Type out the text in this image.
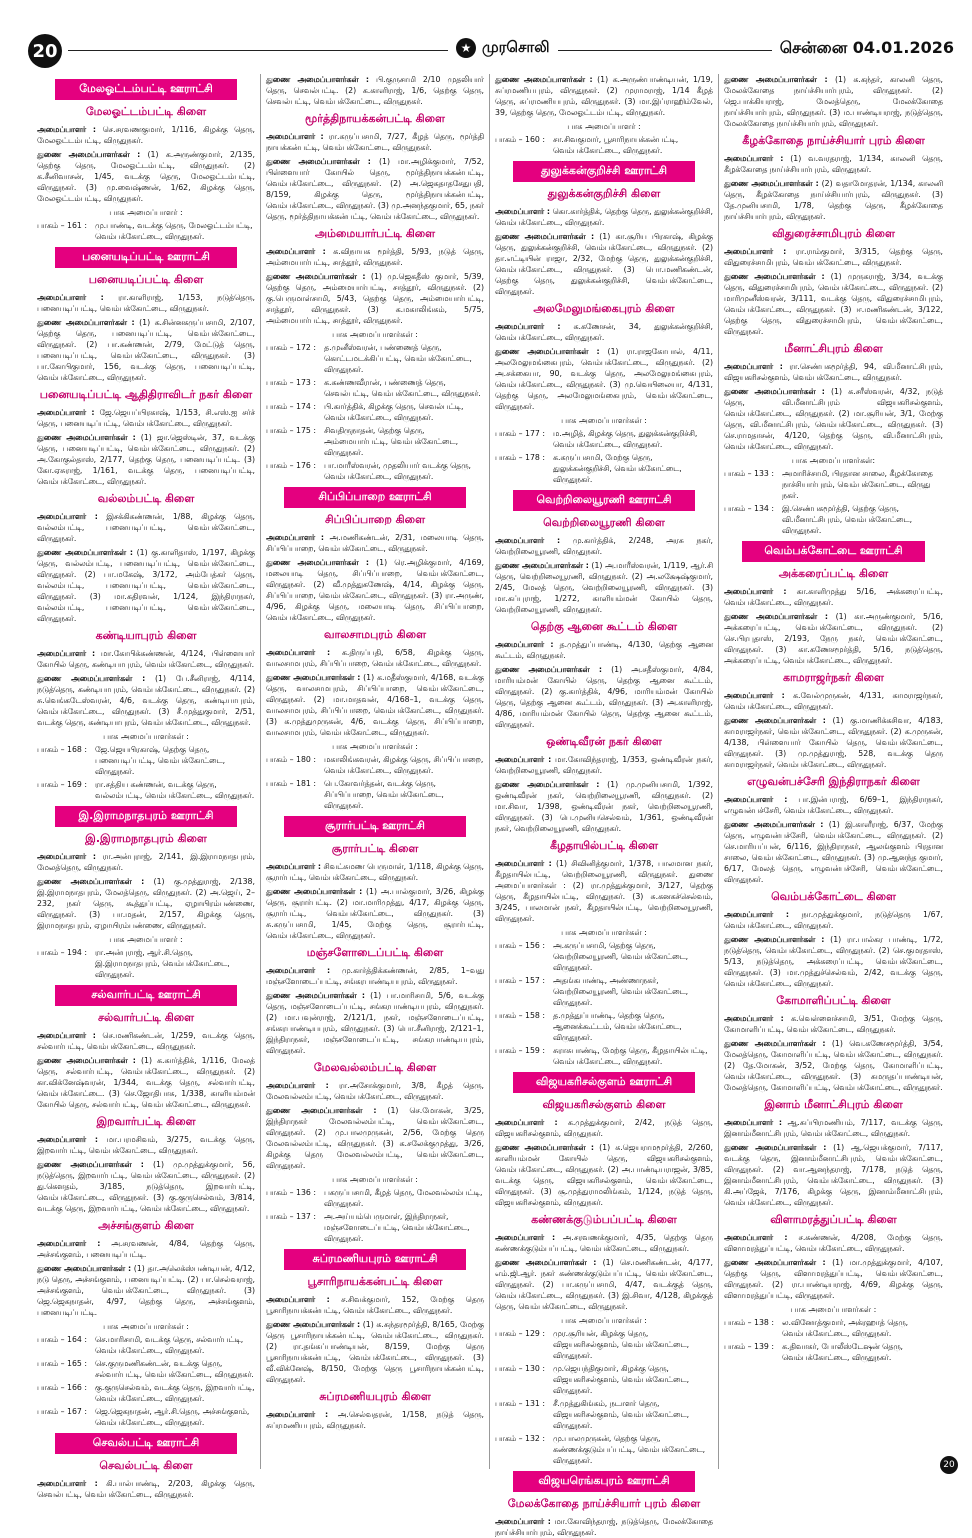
20	★ முரசொலி	சென்னை 04.01.2026
மேலஓட்டம்பட்டி ஊராட்சி
மேலஓட்டம்பட்டி கிளை

அமைப்பாளர் : செ.சரவணகுமார், 1/116, கிழக்கு தெரு, மேலஓட்டம்பட்டி, விருதுநகர்.

துணை அமைப்பாளர்கள் : (1) க.அருண்குமார், 2/135, தெற்கு தெரு, மேலஓட்டம்பட்டி, விருதுநகர். (2) க.சீனிவாசன், 1/45, வடக்கு தெரு, மேலஓட்டம்பட்டி, விருதுநகர். (3) மு.வைஷ்ணன், 1/62, கிழக்கு தெரு, மேலஓட்டம்பட்டி, விருதுநகர்.

பாக அமைப்பாளர் :
பாகம் – 161 :	மு.பாண்டி, வடக்கு தெரு, மேலஓட்டம்பட்டி, வெம்பக்கோட்டை, விருதுநகர்.
பனையடிப்பட்டி ஊராட்சி
பனையடிப்பட்டி கிளை

அமைப்பாளர் : ரா.காளிராஜ், 1/153, நடுத்தெரு, பனையடிப்பட்டி, வெம்பக்கோட்டை, விருதுநகர்.

துணை அமைப்பாளர்கள் : (1) க.சின்னகருப்பசாமி, 2/107, தெற்கு தெரு, பனையடிப்பட்டி, வெம்பக்கோட்டை, விருதுநகர். (2) பா.கண்ணன், 2/79, மேட்டுத் தெரு, பனையடிப்பட்டி, வெம்பக்கோட்டை, விருதுநகர். (3) பா.கோபிகுமார், 156, வடக்கு தெரு, பனையடிப்பட்டி, வெம்பக்கோட்டை, விருதுநகர்.

பனையடிப்பட்டி ஆதிதிராவிடர் நகர் கிளை

அமைப்பாளர் : ஜே.ஜெயப்பிரகாஷ், 1/153, சி.எஸ்.ஐ சர்ச் தெரு, பனையடிப்பட்டி, வெம்பக்கோட்டை, விருதுநகர்.

துணை அமைப்பாளர்கள் : (1) ஜா.ஜெஸ்டின், 37, வடக்கு தெரு, பனையடிப்பட்டி, வெம்பக்கோட்டை, விருதுநகர். (2) அ.கோகுல்தாஸ், 2/177, தெற்கு தெரு, பனையடிப்பட்டி. (3) கோ.ஏசுராஜ், 1/161, வடக்கு தெரு, பனையடிப்பட்டி, வெம்பக்கோட்டை, விருதுநகர்.

வல்லம்பட்டி கிளை

அமைப்பாளர் : இசக்கிகண்ணன், 1/88, கிழக்கு தெரு, வல்லம்பட்டி, பனையடிப்பட்டி, வெம்பக்கோட்டை, விருதுநகர்.

துணை அமைப்பாளர்கள் : (1) கு.காளிதாஸ், 1/197, கிழக்கு தெரு, வல்லம்பட்டி, பனையடிப்பட்டி, வெம்பக்கோட்டை, விருதுநகர். (2) பா.மகேஷ், 3/172, அம்பேத்கர் தெரு, வல்லம்பட்டி, பனையடிப்பட்டி, வெம்பக்கோட்டை, விருதுநகர். (3) மா.கதிரவன், 1/124, இந்திராநகர், வல்லம்பட்டி, பனையடிப்பட்டி, வெம்பக்கோட்டை, விருதுநகர்.

கண்டியாபுரம் கிளை

அமைப்பாளர் : மா.கோபிக்கண்ணன், 4/124, பிள்ளையார் கோயில் தெரு, கண்டியாபுரம், வெம்பக்கோட்டை, விருதுநகர்.

துணை அமைப்பாளர்கள் : (1) பே.சீனிராஜ், 4/114, நடுத்தெரு, கண்டியாபுரம், வெம்பக்கோட்டை, விருதுநகர். (2) சு.வெங்கடேஸ்வரன், 4/6, வடக்கு தெரு, கண்டியாபுரம், வெம்பக்கோட்டை, விருதுநகர். (3) சீ.முத்துகுமார், 2/51, வடக்கு தெரு, கண்டியாபுரம், வெம்பக்கோட்டை, விருதுநகர்.

பாக அமைப்பாளர்கள் :
பாகம் – 168 :	ஜே.ஜெயபிரகாஷ், தெற்கு தெரு, பனையடிப்பட்டி, வெம்பக்கோட்டை, விருதுநகர்.
பாகம் – 169 :	ரா.சத்திய கண்ணன், வடக்கு தெரு, வல்லம்பட்டி, வெம்பக்கோட்டை, விருதுநகர்.
இ.இராமநாதபுரம் ஊராட்சி
இ.இராமநாதபுரம் கிளை

அமைப்பாளர் : ரா.அன்புராஜ், 2/141, இ.இராமநாதபுரம், மேலத்தெரு, விருதுநகர்.

துணை அமைப்பாளர்கள் : (1) கு.முத்துராஜ், 2/138, இ.இராமநாதபுரம், மேலத்தெரு, விருதுநகர். (2) அ.ஜெய், 2–232, நகர் தெரு, கூத்துப்பட்டி, ஏழாயிரம்பண்ணை, விருதுநகர். (3) பா.மதன், 2/157, கிழக்கு தெரு, இராமநாதபுரம், ஏழாயிரம்பண்ணை, விருதுநகர்.

பாக அமைப்பாளர் :
பாகம் – 194 :	ரா.அன்புராஜ், ஆர்.சி.தெரு, இ.இராமநாதபுரம், வெம்பக்கோட்டை, விருதுநகர்.
சல்வார்பட்டி ஊராட்சி
சல்வார்பட்டி கிளை

அமைப்பாளர் : செ.மணிகண்டன், 1/259, வடக்கு தெரு, சல்வார்பட்டி, வெம்பக்கோட்டை, விருதுநகர்.

துணை அமைப்பாளர்கள் : (1) க.கார்த்திக், 1/116, மேலத் தெரு, சல்வார்பட்டி, வெம்பக்கோட்டை, விருதுநகர். (2) கா.விக்னேஷ்வரன், 1/344, வடக்கு தெரு, சல்வார்பட்டி, வெம்பக்கோட்டை. (3) செ.ஜோதிபாசு, 1/338, காளியம்மன் கோயில் தெரு, சல்வார்பட்டி, வெம்பக்கோட்டை, விருதுநகர்.

இறவார்பட்டி கிளை

அமைப்பாளர் : மா.பரமசிவம், 3/275, வடக்கு தெரு, இறவார்பட்டி, வெம்பக்கோட்டை, விருதுநகர்.

துணை அமைப்பாளர்கள் : (1) மு.முத்துக்குமார், 56, நடுத்தெரு, இறவார்பட்டி, வெம்பக்கோட்டை, விருதுநகர். (2) து.கௌதம், 3/185, நடுத்தெரு, இறவார்பட்டி, வெம்பக்கோட்டை, விருதுநகர். (3) கு.குருசெல்வம், 3/814, வடக்கு தெரு, இறவார்பட்டி, வெம்பக்கோட்டை, விருதுநகர்.

அச்சங்குளம் கிளை

அமைப்பாளர் : அ.சரவணன், 4/84, தெற்கு தெரு, அச்சங்குளம், பனையடிப்பட்டி.

துணை அமைப்பாளர்கள் : (1) தா.அலெக்ஸ்பண்டியன், 4/12, நடு தெரு, அச்சங்குளம், பனையடிப்பட்டி. (2) பா.செல்வராஜ், அச்சங்குளம், வெம்பக்கோட்டை, விருதுநகர். (3) ஜெ.ஜெகநாதன், 4/97, தெற்கு தெரு, அச்சங்குளம், பனையடிப்பட்டி.

பாக அமைப்பாளர்கள் :
பாகம் – 164 :	செ.மாரிசாமி, வடக்கு தெரு, சல்வார்பட்டி, வெம்பக்கோட்டை, விருதுநகர்.
பாகம் – 165 :	செ.குருமணிகண்டன், வடக்கு தெரு, சல்வார்பட்டி, வெம்பக்கோட்டை, விருதுநகர்.
பாகம் – 166 :	கு.குருசெல்வம், வடக்கு தெரு, இறவார்பட்டி, வெம்பக்கோட்டை, விருதுநகர்.
பாகம் – 167 :	ஜெ.ஜெகநாதன், ஆர்.சி.தெரு, அச்சங்குளம், வெம்பக்கோட்டை, விருதுநகர்.
செவல்பட்டி ஊராட்சி
செவல்பட்டி கிளை

அமைப்பாளர் : கி.பால்பாண்டி, 2/203, கிழக்கு தெரு, செவல்பட்டி, வெம்பக்கோட்டை, விருதுநகர்.

துணை அமைப்பாளர்கள் : பி.குருசாமி 2/10 முதலியார் தெரு, செவல்பட்டி. (2) க.காளிராஜ், 1/6, தெற்கு தெரு, செவல்பட்டி, வெம்பக்கோட்டை, விருதுநகர்.

மூர்த்திநாயக்கன்பட்டி கிளை

அமைப்பாளர் : ரா.கருப்பசாமி, 7/27, கீழத் தெரு, மூர்த்தி நாயக்கன்பட்டி, வெம்பக்கோட்டை, விருதுநகர்.

துணை அமைப்பாளர்கள் : (1) மா.அழிக்குமார், 7/52, பிள்ளையார் கோயில் தெரு, மூர்த்திநாயக்கன்பட்டி, வெம்பக்கோட்டை, விருதுநகர். (2) அ.ஜெகதாதசேதுபதி, 8/159, கிழக்கு தெரு, மூர்த்திநாயக்கன்பட்டி, வெம்பக்கோட்டை, விருதுநகர். (3) மு.அனந்தகுமார், 65, நகர் தெரு, மூர்த்திநாயக்கன்பட்டி, வெம்பக்கோட்டை, விருதுநகர்.

அம்மையார்பட்டி கிளை

அமைப்பாளர் : க.விநாயக மூர்த்தி, 5/93, நடுத் தெரு, அம்மையார்பட்டி, சாத்தூர், விருதுநகர்.

துணை அமைப்பாளர்கள் : (1) மு.ஜெகதீஸ் குமார், 5/39, தெற்கு தெரு, அம்மையார்பட்டி, சாத்தூர், விருதுநகர். (2) கு.பெருமாள்சாமி, 5/43, தெற்கு தெரு, அம்மையார்பட்டி, சாத்தூர், விருதுநகர். (3) க.மகாலிங்கம், 5/75, அம்மையார்பட்டி, சாத்தூர், விருதுநகர்.

பாக அமைப்பாளர்கள் :
பாகம் – 172 :	த.முனீஸ்வரன், பண்ணைத் தெரு, கொட்டமடக்கிப்பட்டி, வெம்பக்கோட்டை, விருதுநகர்.
பாகம் – 173 :	க.கண்ணவீரான், பண்ணைத் தெரு, செவல்பட்டி, வெம்பக்கோட்டை, விருதுநகர்.
பாகம் – 174 :	பி.கார்த்திக், கிழக்கு தெரு, செவல்பட்டி, வெம்பக்கோட்டை, விருதுநகர்.
பாகம் – 175 :	சிவதிருநாதன், தெற்கு தெரு, அம்மையார்பட்டி, வெம்பக்கோட்டை, விருதுநகர்.
பாகம் – 176 :	பா.மாரீஸ்வரன், முதலியார் வடக்கு தெரு, வெம்பக்கோட்டை, விருதுநகர்.
சிப்பிப்பாறை ஊராட்சி
சிப்பிப்பாறை கிளை

அமைப்பாளர் : அ.மணிகண்டன், 2/31, மலையாடி தெரு, சிப்பிப்பாறை, வெம்பக்கோட்டை, விருதுநகர்.

துணை அமைப்பாளர்கள் : (1) ரெ.அழிக்குமார், 4/169, மலையாடி தெரு, சிப்பிப்பாறை, வெம்பக்கோட்டை, விருதுநகர். (2) வீ.முத்துகணேஷ், 4/14, கிழக்கு தெரு, சிப்பிப்பாறை, வெம்பக்கோட்டை, விருதுநகர். (3) ரா.அருண், 4/96, கிழக்கு தெரு, மலையாடி தெரு, சிப்பிப்பாறை, வெம்பக்கோட்டை, விருதுநகர்.

வாலசாமபுரம் கிளை

அமைப்பாளர் : க.திருப்பதி, 6/58, கிழக்கு தெரு, வாலசாமபுரம், சிப்பிப்பாறை, வெம்பக்கோட்டை, விருதுநகர்.

துணை அமைப்பாளர்கள் : (1) க.மதீஸ்குமார், 4/168, வடக்கு தெரு, வாலசாமபுரம், சிப்பிப்பாறை, வெம்பக்கோட்டை, விருதுநகர். (2) மா.மாதவன், 4/168–1, வடக்கு தெரு, வாலசாமபுரம், சிப்பிப்பாறை, வெம்பக்கோட்டை, விருதுநகர். (3) க.முத்துமுருகன், 4/6, வடக்கு தெரு, சிப்பிப்பாறை, வாலசாமபுரம், வெம்பக்கோட்டை, விருதுநகர்.

பாக அமைப்பாளர்கள் :
பாகம் – 180 :	மகாலிங்கவரன், கிழக்கு தெரு, சிப்பிப்பாறை, வெம்பக்கோட்டை, விருதுநகர்.
பாகம் – 181 :	பெ.கோவர்த்தன், வடக்கு தெரு, சிப்பிப்பாறை, வெம்பக்கோட்டை, விருதுநகர்.
சூரார்பட்டி ஊராட்சி
சூரார்பட்டி கிளை

அமைப்பாளர் : சிவட்சுமண பெருமாள், 1/118, கிழக்கு தெரு, சூரார்பட்டி, வெம்பக்கோட்டை, விருதுநகர்.

துணை அமைப்பாளர்கள் : (1) அ.பால்குமார், 3/26, கிழக்கு தெரு, சூரார்பட்டி. (2) மா.மாரிமுத்து, 4/17, கிழக்கு தெரு, சூரார்பட்டி, வெம்பக்கோட்டை, விருதுநகர். (3) சு.கருப்பசாமி, 1/45, மேற்கு தெரு, சூரார்பட்டி, வெம்பக்கோட்டை, விருதுநகர்.

மஞ்சளோடைப்பட்டி கிளை

அமைப்பாளர் : மு.கார்த்திக்கண்ணன், 2/85, 1–வது மஞ்சளோடைப்பட்டி, சங்கரபாண்டியபுரம், விருதுநகர்.

துணை அமைப்பாளர்கள் : (1) பா.மாரிசாமி, 5/6, வடக்கு தெரு, மஞ்சளோடைப்பட்டி, சங்கரபாண்டியபுரம், விருதுநகர். (2) மா.பவுன்ராஜ், 2/121/1, நகர், மஞ்சளோடைப்பட்டி, சங்கரபாண்டியபுரம், விருதுநகர். (3) பொ.சீனிராஜ், 2/121–1, இந்திராநகர், மஞ்சளோடைப்பட்டி, சங்கரபாண்டியபுரம், விருதுநகர்.

மேலவல்லம்பட்டி கிளை

அமைப்பாளர் : ரா.அசோக்குமார், 3/8, கீழத் தெரு, மேலவல்லம்பட்டி, வெம்பக்கோட்டை, விருதுநகர்.

துணை அமைப்பாளர்கள் : (1) செ.மோகன், 3/25, இந்திராநகர் மேலவல்லம்பட்டி, வெம்பக்கோட்டை, விருதுநகர். (2) மு.பாலமுருகன், 2/56, மேற்கு தெரு மேலவல்லம்பட்டி, விருதுநகர். (3) க.சலேக்குமுத்து, 3/26, கிழக்கு தெரு மேலவல்லம்பட்டி, வெம்பக்கோட்டை, விருதுநகர்.

பாக அமைப்பாளர்கள் :
பாகம் – 136 :	பகருப்பசாமி, கீழத் தெரு, மேலவல்லம்பட்டி, விருதுநகர்.
பாகம் – 137 :	அ.அய்யம்பெருமாள், இந்திராநகர், மஞ்சளோடைப்பட்டி, வெம்பக்கோட்டை, விருதுநகர்.
சுப்ரமணியபுரம் ஊராட்சி
பூசாரிநாயக்கன்பட்டி கிளை

அமைப்பாளர் : ச.சிவக்குமார், 152, மேற்கு தெரு பூசாரிநாயக்கன்பட்டி, வெம்பக்கோட்டை, விருதுநகர்.

துணை அமைப்பாளர்கள் : (1) க.சுந்தரமூர்த்தி, 8/165, மேற்கு தெரு பூசாரிநாயக்கன்பட்டி, வெம்பக்கோட்டை, விருதுநகர். (2) ரா.தங்கப்பாண்டியன், 8/159, மேற்கு தெரு பூசாரிநாயக்கன்பட்டி, வெம்பக்கோட்டை, விருதுநகர். (3) வீ.விக்னேஷ், 8/150, மேற்கு தெரு பூசாரிநாயக்கன்பட்டி, விருதுநகர்.

சுப்ரமணியபுரம் கிளை

அமைப்பாளர் : அ.செல்வதரன், 1/158, நடுத் தெரு, சுப்ரமணியபுரம், விருதுநகர்.

துணை அமைப்பாளர்கள் : (1) க.அருண்பாண்டியன், 1/19, சுப்ரமணியபுரம், விருதுநகர். (2) முராமராஜ், 1/14 கீழத் தெரு, சுப்ரமணியபுரம், விருதுநகர். (3) மா.இப்ராஹிம்வேல், 39, தெற்கு தெரு, மேலஓட்டம்பட்டி, விருதுநகர்.

பாக அமைப்பாளர் :
பாகம் – 160 :	சா.சிவகுமார், பூசாரிநாயக்கன்பட்டி, வெம்பக்கோட்டை, விருதுநகர்.
துலுக்கன்குறிச்சி ஊராட்சி
துலுக்கன்குறிச்சி கிளை

அமைப்பாளர் : கொ.கார்த்திக், தெற்கு தெரு, துலுக்கன்குறிச்சி, வெம்பக்கோட்டை, விருதுநகர்.

துணை அமைப்பாளர்கள் : (1) கா.சூரிய பிரகாஷ், கிழக்கு தெரு, துலுக்கன்குறிச்சி, வெம்பக்கோட்டை, விருதுநகர். (2) தா.எட்டியின் ராஜா, 2/32, மேற்கு தெரு, துலுக்கன்குறிச்சி, வெம்பக்கோட்டை, விருதுநகர். (3) பொ.மணிகண்டன், தெற்கு தெரு, துலுக்கன்குறிச்சி, வெம்பக்கோட்டை, விருதுநகர்.

அலமேலுமங்கைபுரம் கிளை

அமைப்பாளர் : க.கணேசன், 34, துலுக்கன்குறிச்சி, வெம்பக்கோட்டை, விருதுநகர்.

துணை அமைப்பாளர்கள் : (1) ரா.ராஜகோபால், 4/11, அலமேலுமங்கைபுரம், வெம்பக்கோட்டை, விருதுநகர். (2) அ.சக்கையா, 90, வடக்கு தெரு, அலமேலுமங்கைபுரம், வெம்பக்கோட்டை, விருதுநகர். (3) மு.வெயிலையா, 4/131, தெற்கு தெரு, அலமேலுமங்கைபுரம், வெம்பக்கோட்டை, விருதுநகர்.

பாக அமைப்பாளர்கள் :
பாகம் – 177 :	ம.அழித், கிழக்கு தெரு, துலுக்கன்குறிச்சி, வெம்பக்கோட்டை, விருதுநகர்.
பாகம் – 178 :	க.கருப்பசாமி, மேற்கு தெரு, துலுக்கன்குறிச்சி, வெம்பக்கோட்டை, விருதுநகர்.
வெற்றிலையூரணி ஊராட்சி
வெற்றிலையூரணி கிளை

அமைப்பாளர் : மு.கார்த்திக், 2/248, அரசு நகர், வெற்றிலையூரணி, விருதுநகர்.

துணை அமைப்பாளர்கள் : (1) அ.மாரீஸ்வரன், 1/119, ஆர்.சி தெரு, வெற்றிலையூரணி, விருதுநகர். (2) அ.லக்ஷேஷ்குமார், 2/45, மேலத் தெரு, வெற்றிலையூரணி, விருதுநகர். (3) மா.கப்புராஜ், 1/272, காளியம்மன் கோயில் தெரு, வெற்றிலையூரணி, விருதுநகர்.

தெற்கு ஆனை கூட்டம் கிளை

அமைப்பாளர் : த.முத்துப்பாண்டி, 4/130, தெற்கு ஆனை கூட்டம், விருதுநகர்.

துணை அமைப்பாளர்கள் : (1) அ.சதீஸ்குமார், 4/84, மாரியம்மன் கோயில் தெரு, தெற்கு ஆனை கூட்டம், விருதுநகர். (2) கு.கார்த்திக், 4/96, மாரியம்மன் கோயில் தெரு, தெற்கு ஆனை கூட்டம், விருதுநகர். (3) அ.காளிராஜ், 4/86, மாரியம்மன் கோயில் தெரு, தெற்கு ஆனை கூட்டம், விருதுநகர்.

ஒண்டிவீரன் நகர் கிளை

அமைப்பாளர் : மா.கோவிந்தராஜ், 1/353, ஒண்டிவீரன் நகர், வெற்றிலையூரணி, விருதுநகர்.

துணை அமைப்பாளர்கள் : (1) மு.முனியசாமி, 1/392, ஒண்டிவீரன் நகர், வெற்றிலையூரணி, விருதுநகர். (2) மா.சிவா, 1/398, ஒண்டிவீரன் நகர், வெற்றிலையூரணி, விருதுநகர். (3) பெ.முனியசெல்வம், 1/361, ஒண்டிவீரன் நகர், வெற்றிலையூரணி, விருதுநகர்.

கீழதாயில்பட்டி கிளை

அமைப்பாளர் : (1) சிவினித்குமார், 1/378, பாலமான நகர், கீழதாயில்பட்டி, வெற்றிலையூரணி, விருதுநகர். துணை அமைப்பாளர்கள் : (2) ரா.முத்துக்குமார், 3/127, தெற்கு தெரு, கீழதாயில்பட்டி, விருதுநகர். (3) சு.கனகச்செல்வம், 3/245, பாலமான் நகர், கீழதாயில்பட்டி, வெற்றிலையூரணி, விருதுநகர்.

பாக அமைப்பாளர்கள் :
பாகம் – 156 :	அ.கருப்பசாமி, தெற்கு தெரு, வெற்றிலையூரணி, வெம்பக்கோட்டை, விருதுநகர்.
பாகம் – 157 :	அதங்கபாண்டி, அண்ணாநகர், வெற்றிலையூரணி, வெம்பக்கோட்டை, விருதுநகர்.
பாகம் – 158 :	த.முத்துப்பாண்டி, தெற்கு தெரு, ஆனைக்கூட்டம், வெம்பக்கோட்டை, விருதுநகர்.
பாகம் – 159 :	சுராசுபாண்டி, மேற்கு தெரு, கீழதாயில்பட்டி, வெம்பக்கோட்டை, விருதுநகர்.
விஜயகரிசல்குளம் ஊராட்சி
விஜயகரிசல்குளம் கிளை

அமைப்பாளர் : க.முத்துக்குமார், 2/42, நடுத் தெரு, விஜயகரிசல்குளம், விருதுநகர்.

துணை அமைப்பாளர்கள் : (1) க.ஜெயராமமூர்த்தி, 2/260, காளியம்மன் கோயில் தெரு, விஜயகரிசல்குளம், வெம்பக்கோட்டை, விருதுநகர். (2) அ.பாண்டியராஜன், 3/85, வடக்கு தெரு, விஜயகரிசல்குளம், வெம்பக்கோட்டை, விருதுநகர். (3) சூ.முத்துராமலிங்கம், 1/124, நடுத் தெரு, விஜயகரிசல்குளம், விருதுநகர்.

கண்ணக்குடும்பப்பட்டி கிளை

அமைப்பாளர் : அ.சரவணக்குமார், 4/35, தெற்கு தெரு கண்ணக்குடும்பப்பட்டி, வெம்பக்கோட்டை, விருதுநகர்.

துணை அமைப்பாளர்கள் : (1) செ.மணிகண்டன், 4/177, எம்.ஜி.ஆர். நகர் கண்ணக்குடும்பப்பட்டி, வெம்பக்கோட்டை, விருதுநகர். (2) பா.கருப்பசாமி, 4/47, வடக்குத் தெரு, வெம்பக்கோட்டை, விருதுநகர். (3) இ.சிவா, 4/128, கிழக்குத் தெரு, வெம்பக்கோட்டை, விருதுநகர்.

பாக அமைப்பாளர்கள் :
பாகம் – 129 :	முர.சூரியன், கிழக்கு தெரு, விஜயகரிசல்குளம், வெம்பக்கோட்டை, விருதுநகர்.
பாகம் – 130 :	மு.ஜெயந்திகுமார், கிழக்கு தெரு, விஜயகரிசல்குளம், வெம்பக்கோட்டை, விருதுநகர்.
பாகம் – 131 :	சீ.முத்துகிங்கம், நடாளர் தெரு, விஜயகரிசல்குளம், வெம்பக்கோட்டை, விருதுநகர்.
பாகம் – 132 :	மு.பாலமுருகன், தெற்கு தெரு, கண்ணக்குடும்பப்பட்டி, வெம்பக்கோட்டை, விருதுநகர்.
விஜயரெங்கபுரம் ஊராட்சி
மேலக்கோதை நாய்ச்சியார் புரம் கிளை

அமைப்பாளர் : மா.கோவிந்தராஜ், நடுத்தெரு, மேலக்கோதை நாய்ச்சியார்புரம், விருதுநகர்.

துணை அமைப்பாளர்கள் : (1) க.கந்தர், காலனி தெரு, மேலக்கோதை நாய்ச்சியார்புரம், விருதுநகர். (2) ஜெ.பாக்கியராஜ், மேலத்தெரு, மேலக்கோதை நாய்ச்சியார்புரம், விருதுநகர். (3) ம.பாண்டியராஜ், நடுத்தெரு, மேலக்கோதை நாய்ச்சியார்புரம், விருதுநகர்.

கீழக்கோதை நாய்ச்சியார் புரம் கிளை

அமைப்பாளர் : (1) வ.வரதராஜ், 1/134, காலனி தெரு, கீழக்கோதை நாய்ச்சியார்புரம், விருதுநகர்.

துணை அமைப்பாளர்கள் : (2) வதாமோதரன், 1/134, காலனி தெரு, கீழக்கோதை நாய்ச்சியார்புரம், விருதுநகர். (3) தே.முனியசாமி, 1/78, தெற்கு தெரு, கீழக்கோதை நாய்ச்சியார்புரம், விருதுநகர்.

விதுரைச்சாமிபுரம் கிளை

அமைப்பாளர் : ரா.ராம்குமார், 3/315, தெற்கு தெரு, விதுரைச்சாமிபுரம், வெம்பக்கோட்டை, விருதுநகர்.

துணை அமைப்பாளர்கள் : (1) முருகராஜ், 3/34, வடக்கு தெரு, விதுரைச்சாமிபுரம், வெம்பக்கோட்டை, விருதுநகர். (2) மாரிமுனீஸ்வரன், 3/111, வடக்கு தெரு, விதுரைச்சாமிபுரம், வெம்பக்கோட்டை, விருதுநகர். (3) ஈ.மணிகண்டன், 3/122, தெற்கு தெரு, விதுரைச்சாமிபுரம், வெம்பக்கோட்டை, விருதுநகர்.

மீனாட்சிபுரம் கிளை

அமைப்பாளர் : ரா.செண்பகமூர்த்தி, 94, வி.மீனாட்சிபுரம், விஜயகரிசல்குளம், வெம்பக்கோட்டை, விருதுநகர்.

துணை அமைப்பாளர்கள் : (1) க.சரீஸ்வரன், 4/32, நடுத் தெரு, வி.மீனாட்சிபுரம் விஜயகரிசல்குளம், வெம்பக்கோட்டை, விருதுநகர். (2) மா.சூரியன், 3/1, மேற்கு தெரு, வி.மீனாட்சிபுரம், வெம்பக்கோட்டை, விருதுநகர். (3) செ.ராமதாசன், 4/120, தெற்கு தெரு, வி.மீனாட்சிபுரம், வெம்பக்கோட்டை, விருதுநகர்.

பாக அமைப்பாளர்கள்:
பாகம் – 133 :	அமாரிச்சாமி, பிரதான சாலை, கீழக்கோதை நாச்சியார்புரம், வெம்பக்கோட்டை, விருது நகர்.
பாகம் – 134 :	இ.செண்பகமூர்த்தி, தெற்கு தெரு, வி.மீனாட்சிபுரம், வெம்பக்கோட்டை, விருதுநகர்.
வெம்பக்கோட்டை ஊராட்சி
அக்கரைப்பட்டி கிளை

அமைப்பாளர் : கா.காளிமுத்து 5/16, அக்கரைப்பட்டி, வெம்பக்கோட்டை, விருதுநகர்.

துணை அமைப்பாளர்கள் : (1) கா.அருண்குமார், 5/16, அக்கரைப்பட்டி, வெம்பக்கோட்டை, விருதுநகர். (2) செ.பிரபுதாஸ், 2/193, நேரு நகர், வெம்பக்கோட்டை, விருதுநகர். (3) கா.கணேசமூர்த்தி, 5/16, நடுத்தெரு, அக்கரைப்பட்டி, வெம்பக்கோட்டை, விருதுநகர்.

காமராஜர்நகர் கிளை

அமைப்பாளர் : க.வேல்முருகன், 4/131, காமராஜர்நகர், வெம்பக்கோட்டை, விருதுநகர்.

துணை அமைப்பாளர்கள் : (1) கு.மாணிக்கசிவா, 4/183, காமராஜர்நகர், வெம்பக்கோட்டை, விருதுநகர். (2) க.முருகன், 4/138, பிள்ளையார் கோயில் தெரு, வெம்பக்கோட்டை, விருதுநகர். (3) மு.முத்துராஜ், 528, வடக்கு தெரு காமராஜர்நகர், வெம்பக்கோட்டை, விருதுநகர்.

எழுவன்பச்சேரி இந்திராநகர் கிளை

அமைப்பாளர் : பா.இன்பராஜ், 6/69–1, இந்திராநகர், எழுவன்பச்சேரி, வெம்பக்கோட்டை, விருதுநகர்.

துணை அமைப்பாளர்கள் : (1) இ.காளீராஜ், 6/37, மேற்கு தெரு, எழுவன்பச்சேரி, வெம்பக்கோட்டை, விருதுநகர். (2) செ.மாரியப்பன், 6/116, இந்திராநகர், ஆலங்குளம் பிரதான சாலை, வெம்பக்கோட்டை, விருதுநகர். (3) மு.ஆனந்த குமார், 6/17, மேலத் தெரு, எழுவன்பச்சேரி, வெம்பக்கோட்டை, விருதுநகர்.

வெம்பக்கோட்டை கிளை

அமைப்பாளர் : நா.முத்துக்குமார், நடுத்தெரு 1/67, வெம்பக்கோட்டை, விருதுநகர்.

துணை அமைப்பாளர்கள் : (1) ரா.பால்கர பாண்டி, 1/72, நடுத்தெரு, வெம்பக்கோட்டை, விருதுநகர். (2) செ.குமரதாஸ், 5/13, நடுத்தெரு, அக்கரைப்பட்டி, வெம்பக்கோட்டை, விருதுநகர். (3) மா.முத்துச்செல்வம், 2/42, வடக்கு தெரு, வெம்பக்கோட்டை, விருதுநகர்.

கோமாளிப்பட்டி கிளை

அமைப்பாளர் : க.வெள்ளைச்சாமி, 3/51, மேற்கு தெரு, கோமாளிப்பட்டி, வெம்பக்கோட்டை, விருதுநகர்.

துணை அமைப்பாளர்கள் : (1) வெ.கணேசமூர்த்தி, 3/54, மேலத்தெரு, கோமாளிப்பட்டி, வெம்பக்கோட்டை, விருதுநகர். (2) தே.மோகன், 3/52, மேற்கு தெரு, கோமாளிப்பட்டி, வெம்பக்கோட்டை, விருதுநகர். (3) சுமருதப்பாண்டியன், மேலத்தெரு, கோமாளிப்பட்டி, வெம்பக்கோட்டை, விருதுநகர்.

இனாம் மீனாட்சிபுரம் கிளை

அமைப்பாளர் : ஆ.சுப்பிரமணியம், 7/117, வடக்கு தெரு, இனாம்மீனாட்சிபுரம், வெம்பக்கோட்டை, விருதுநகர்.

துணை அமைப்பாளர்கள் : (1) ஆ.ஜெயக்குமார், 7/117, வடக்கு தெரு, இனாம்மீனாட்சிபுரம், வெம்பக்கோட்டை, விருதுநகர். (2) வா.ஆனந்தராஜ், 7/178, நடுத் தெரு, இனாம்மீனாட்சிபுரம், வெம்பக்கோட்டை, விருதுநகர். (3) கி.அப்ஜேக், 7/176, கிழக்கு தெரு, இனாம்மீனாட்சிபுரம், வெம்பக்கோட்டை, விருதுநகர்.

விளாமரத்துப்பட்டி கிளை

அமைப்பாளர் : ச.கண்ணன், 4/208, மேற்கு தெரு, விளாமரத்துப்பட்டி, வெம்பக்கோட்டை, விருதுநகர்.

துணை அமைப்பாளர்கள் : (1) மா.முத்துக்குமார், 4/107, தெற்கு தெரு, விளாமரத்துப்பட்டி, வெம்பக்கோட்டை, விருதுநகர். (2) ரா.பாண்டியராஜ், 4/69, கிழக்கு தெரு, விளாமரத்துப்பட்டி, விருதுநகர்.

பாக அமைப்பாளர்கள் :
பாகம் – 138 :	ல.வினோத்குமார், அக்ரஹாத் தெரு, வெம்பக்கோட்டை, விருதுநகர்.
பாகம் – 139 :	க.திவாகர், போலீஸ்டேஷன் தெரு, வெம்பக்கோட்டை, விருதுநகர்.
20
